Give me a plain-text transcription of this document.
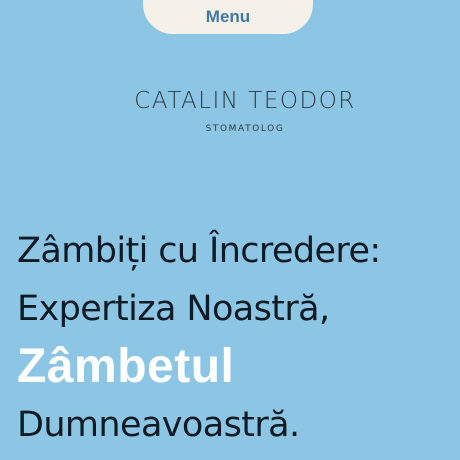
Menu
CATALIN TEODOR
STOMATOLOG
Zâmbiți cu Încredere:
Expertiza Noastră,
Zâmbetul
Dumneavoastră.
